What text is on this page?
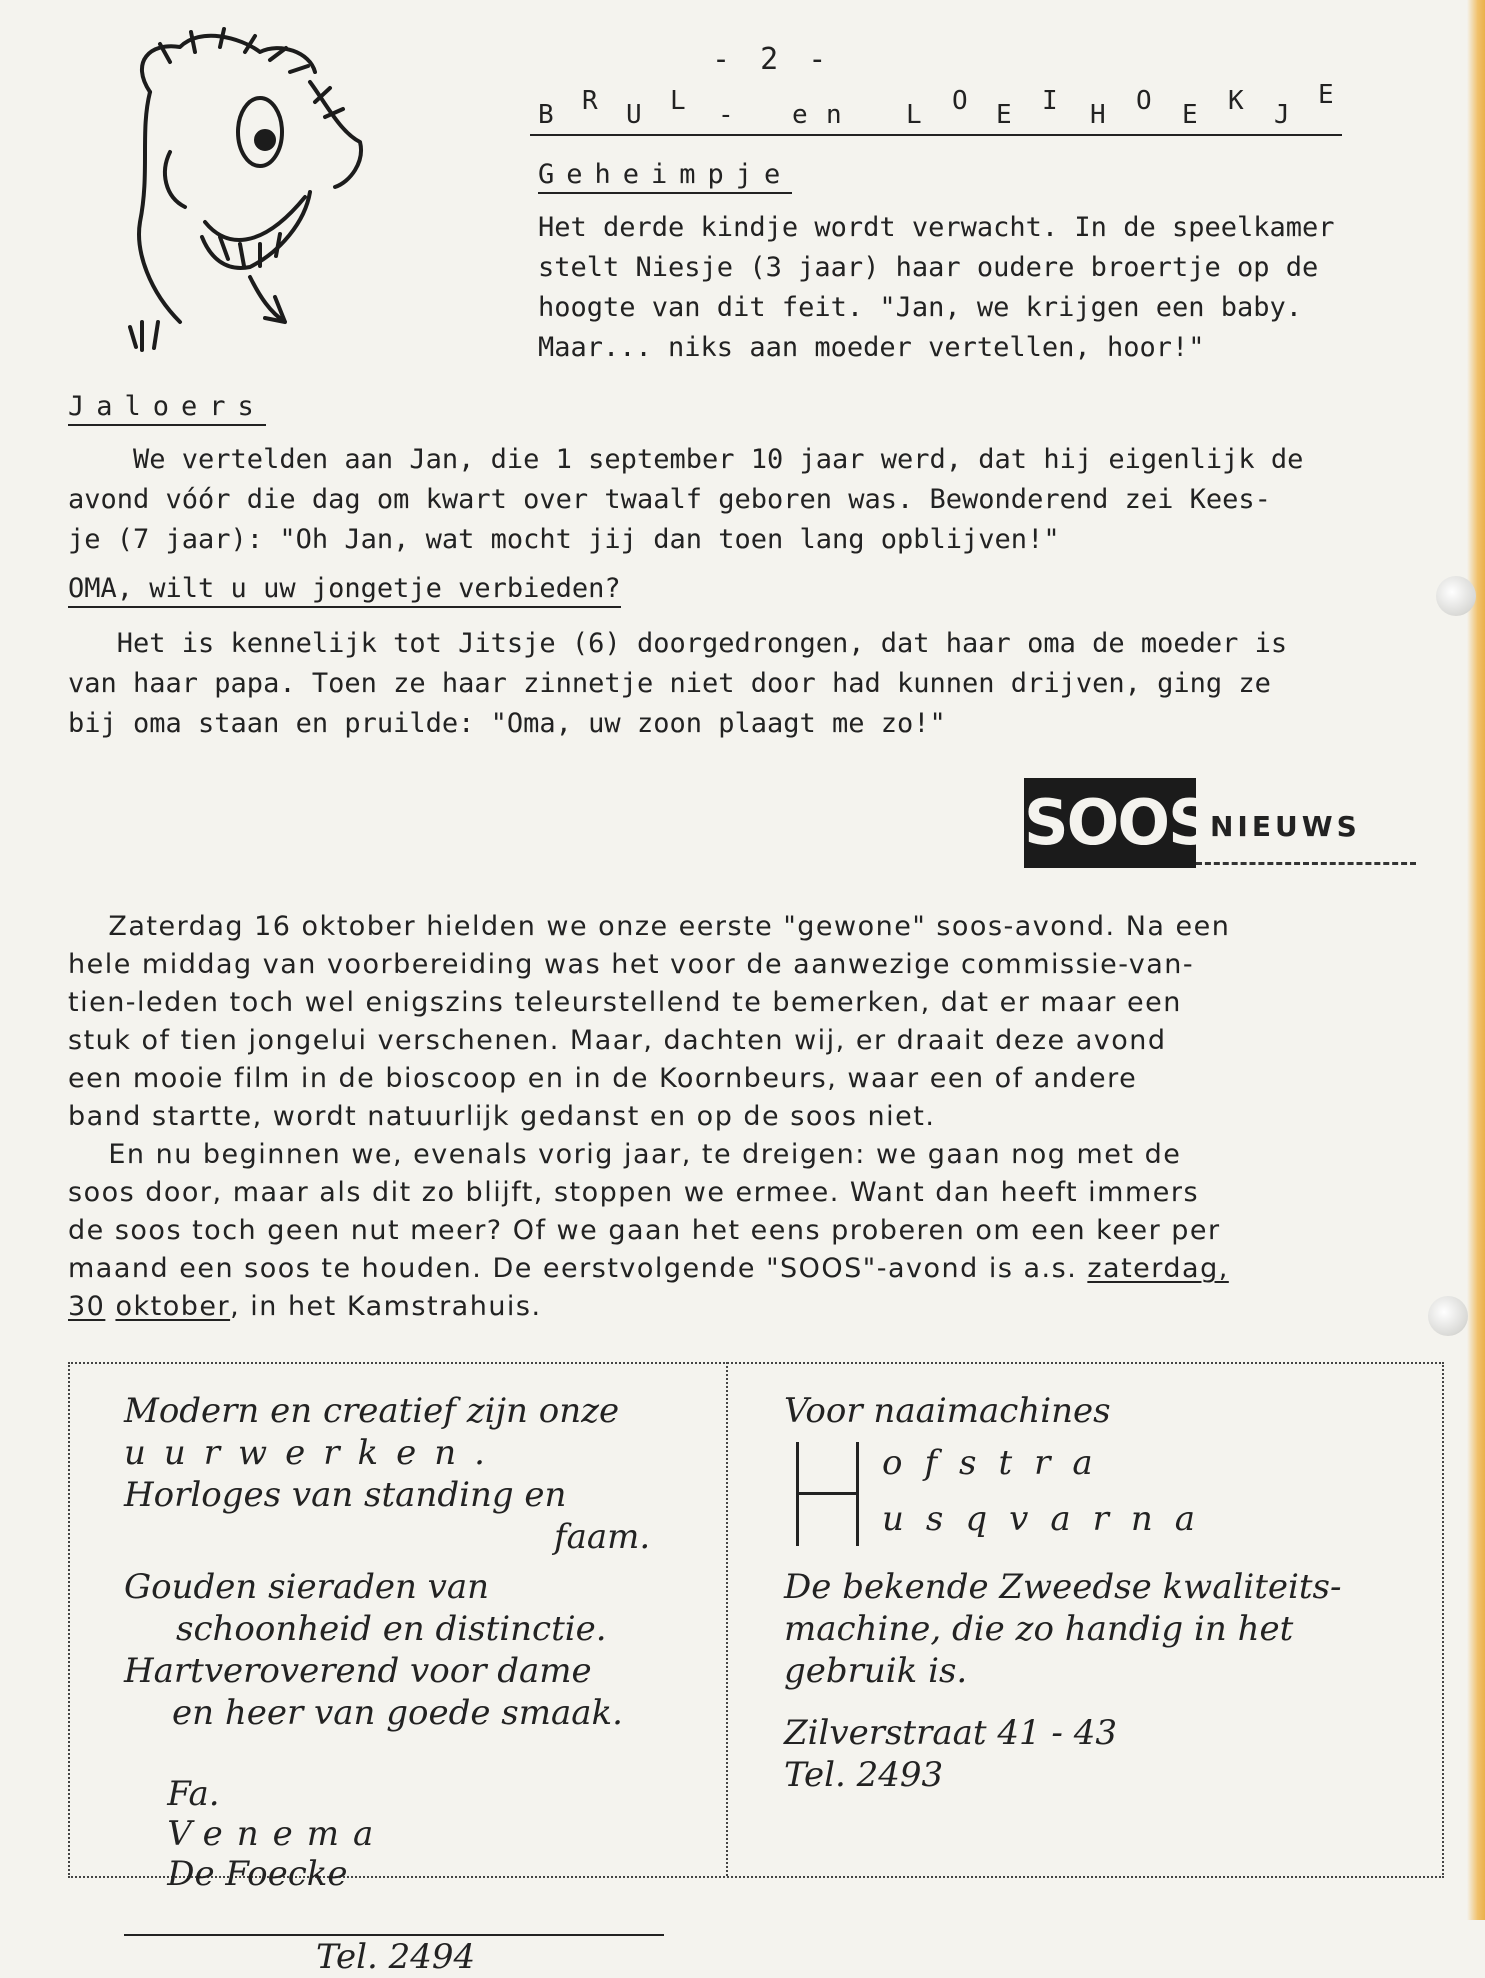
- 2 -
B R U L - e n L O E I H O E K J
E
Geheimpje
Het derde kindje wordt verwacht. In de speelkamer
stelt Niesje (3 jaar) haar oudere broertje op de
hoogte van dit feit. "Jan, we krijgen een baby.
Maar... niks aan moeder vertellen, hoor!"
Jaloers
We vertelden aan Jan, die 1 september 10 jaar werd, dat hij eigenlijk de
avond vóór die dag om kwart over twaalf geboren was. Bewonderend zei Kees-
je (7 jaar): "Oh Jan, wat mocht jij dan toen lang opblijven!"
OMA, wilt u uw jongetje verbieden?
Het is kennelijk tot Jitsje (6) doorgedrongen, dat haar oma de moeder is
van haar papa. Toen ze haar zinnetje niet door had kunnen drijven, ging ze
bij oma staan en pruilde: "Oma, uw zoon plaagt me zo!"
SOOS NIEUWS
Zaterdag 16 oktober hielden we onze eerste "gewone" soos-avond. Na een
hele middag van voorbereiding was het voor de aanwezige commissie-van-
tien-leden toch wel enigszins teleurstellend te bemerken, dat er maar een
stuk of tien jongelui verschenen. Maar, dachten wij, er draait deze avond
een mooie film in de bioscoop en in de Koornbeurs, waar een of andere
band startte, wordt natuurlijk gedanst en op de soos niet.
En nu beginnen we, evenals vorig jaar, te dreigen: we gaan nog met de
soos door, maar als dit zo blijft, stoppen we ermee. Want dan heeft immers
de soos toch geen nut meer? Of we gaan het eens proberen om een keer per
maand een soos te houden. De eerstvolgende "SOOS"-avond is a.s. zaterdag,
30 oktober, in het Kamstrahuis.
Modern en creatief zijn onze
uurwerken.
Horloges van standing en
faam.
Gouden sieraden van
schoonheid en distinctie.
Hartveroverend voor dame
en heer van goede smaak.

Fa.
Venema
De Foecke

Tel. 2494
Voor naaimachines
ofstra
usqvarna
De bekende Zweedse kwaliteits-
machine, die zo handig in het
gebruik is.
Zilverstraat 41 - 43
Tel. 2493
